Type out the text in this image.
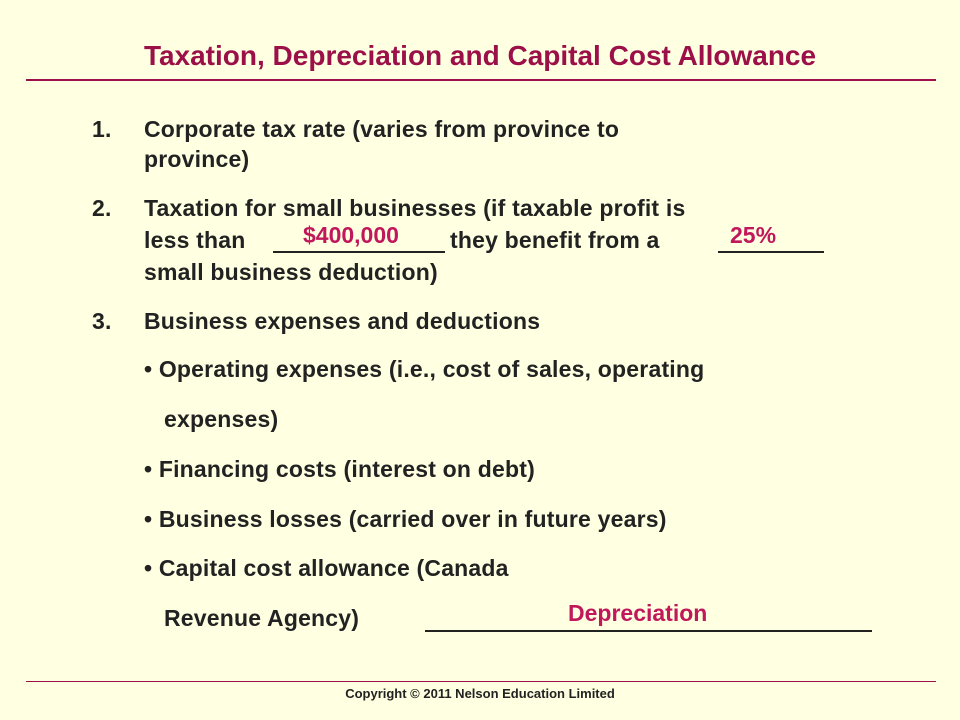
Taxation, Depreciation and Capital Cost Allowance
1. Corporate tax rate (varies from province to
province)
2. Taxation for small businesses (if taxable profit is
less than $400,000 they benefit from a	25%
small business deduction)
3. Business expenses and deductions
• Operating expenses (i.e., cost of sales, operating
expenses)
• Financing costs (interest on debt)
• Business losses (carried over in future years)
• Capital cost allowance (Canada
Revenue Agency)	Depreciation
Copyright © 2011 Nelson Education Limited
